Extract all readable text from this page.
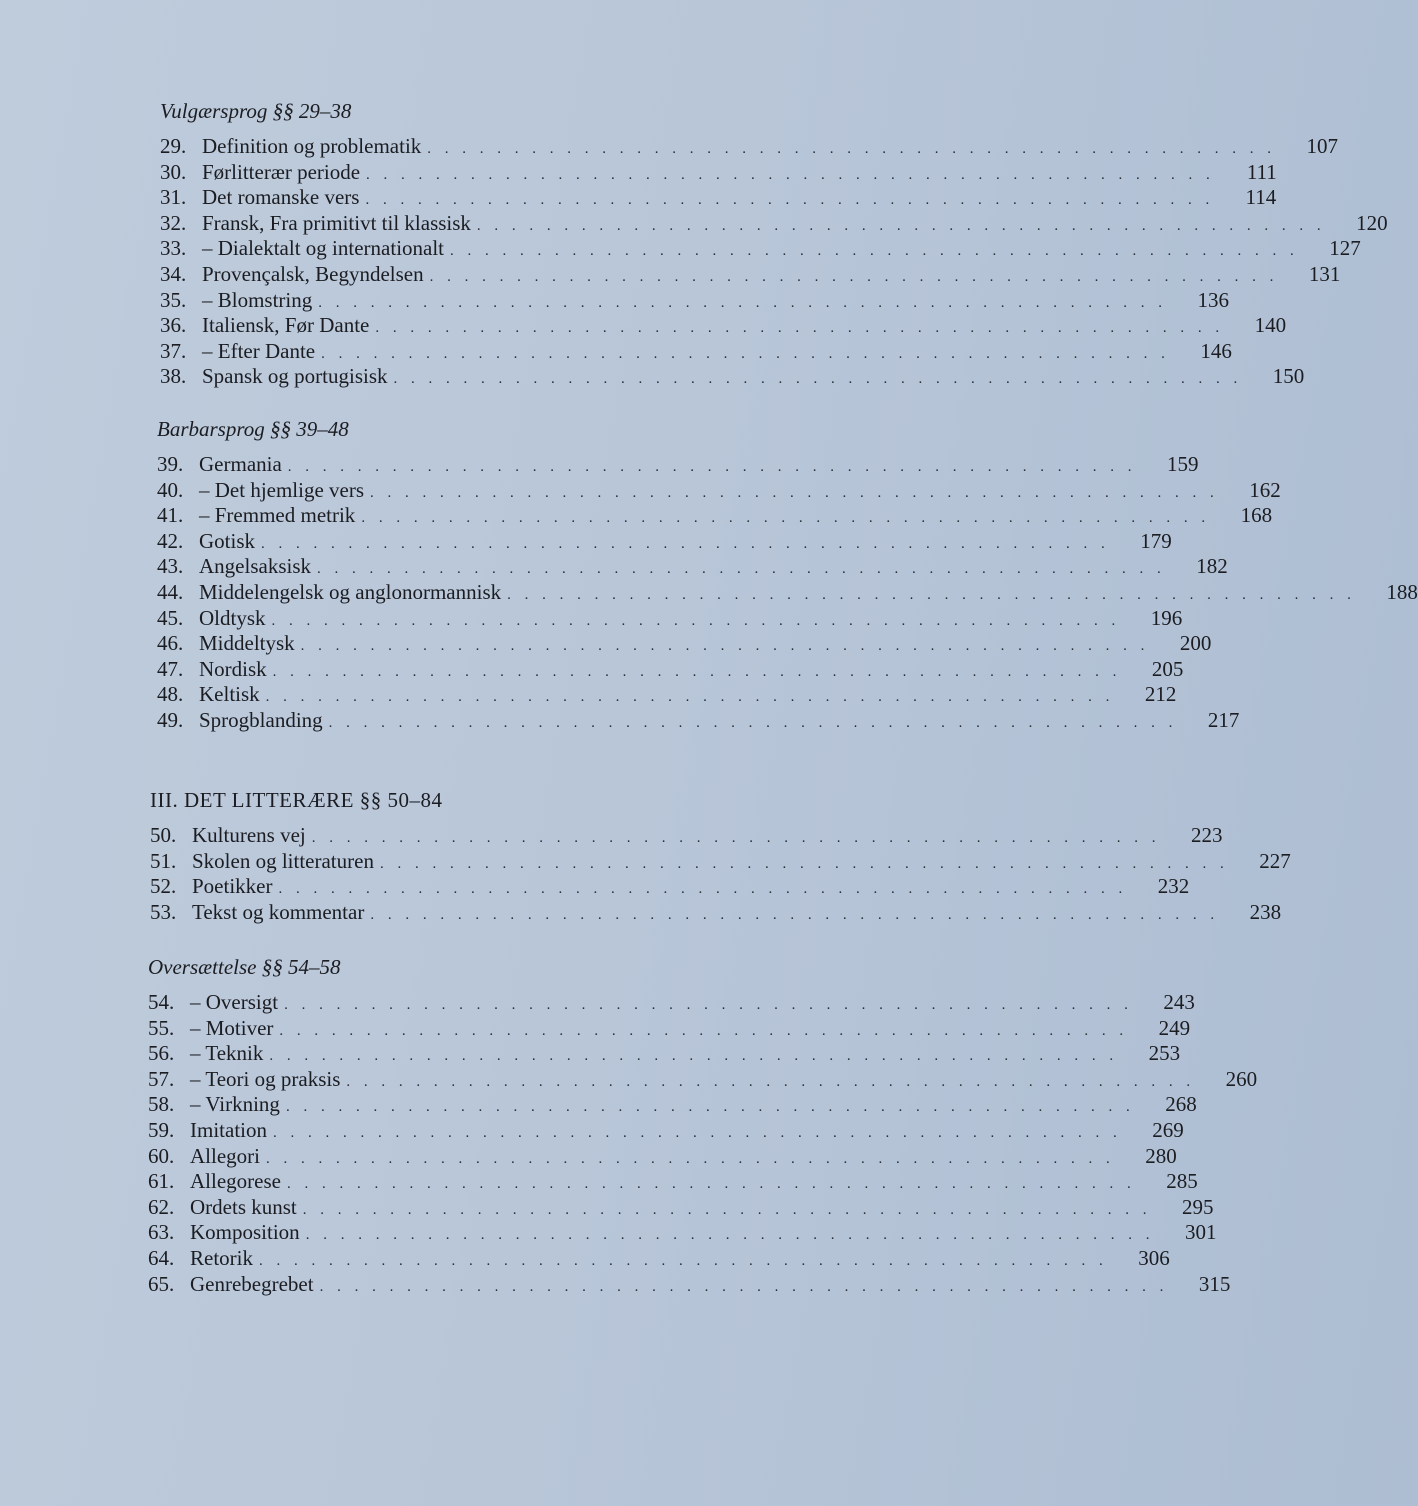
Vulgærsprog §§ 29–38
29. Definition og problematik . . . . . . . . . . . . . . . . . . . . . . . . . . . . . . . . . . . . . . . . . . . . . . . . .	107
30. Førlitterær periode . . . . . . . . . . . . . . . . . . . . . . . . . . . . . . . . . . . . . . . . . . . . . . . . .	111
31. Det romanske vers . . . . . . . . . . . . . . . . . . . . . . . . . . . . . . . . . . . . . . . . . . . . . . . . .	114
32. Fransk, Fra primitivt til klassisk . . . . . . . . . . . . . . . . . . . . . . . . . . . . . . . . . . . . . . . . . . . . . . . . .	120
33. – Dialektalt og internationalt . . . . . . . . . . . . . . . . . . . . . . . . . . . . . . . . . . . . . . . . . . . . . . . . .	127
34. Provençalsk, Begyndelsen . . . . . . . . . . . . . . . . . . . . . . . . . . . . . . . . . . . . . . . . . . . . . . . . .	131
35. – Blomstring . . . . . . . . . . . . . . . . . . . . . . . . . . . . . . . . . . . . . . . . . . . . . . . . .	136
36. Italiensk, Før Dante . . . . . . . . . . . . . . . . . . . . . . . . . . . . . . . . . . . . . . . . . . . . . . . . .	140
37. – Efter Dante . . . . . . . . . . . . . . . . . . . . . . . . . . . . . . . . . . . . . . . . . . . . . . . . .	146
38. Spansk og portugisisk . . . . . . . . . . . . . . . . . . . . . . . . . . . . . . . . . . . . . . . . . . . . . . . . .	150
Barbarsprog §§ 39–48
39. Germania . . . . . . . . . . . . . . . . . . . . . . . . . . . . . . . . . . . . . . . . . . . . . . . . .	159
40. – Det hjemlige vers . . . . . . . . . . . . . . . . . . . . . . . . . . . . . . . . . . . . . . . . . . . . . . . . .	162
41. – Fremmed metrik . . . . . . . . . . . . . . . . . . . . . . . . . . . . . . . . . . . . . . . . . . . . . . . . .	168
42. Gotisk . . . . . . . . . . . . . . . . . . . . . . . . . . . . . . . . . . . . . . . . . . . . . . . . .	179
43. Angelsaksisk . . . . . . . . . . . . . . . . . . . . . . . . . . . . . . . . . . . . . . . . . . . . . . . . .	182
44. Middelengelsk og anglonormannisk . . . . . . . . . . . . . . . . . . . . . . . . . . . . . . . . . . . . . . . . . . . . . . . . .	188
45. Oldtysk . . . . . . . . . . . . . . . . . . . . . . . . . . . . . . . . . . . . . . . . . . . . . . . . .	196
46. Middeltysk . . . . . . . . . . . . . . . . . . . . . . . . . . . . . . . . . . . . . . . . . . . . . . . . .	200
47. Nordisk . . . . . . . . . . . . . . . . . . . . . . . . . . . . . . . . . . . . . . . . . . . . . . . . .	205
48. Keltisk . . . . . . . . . . . . . . . . . . . . . . . . . . . . . . . . . . . . . . . . . . . . . . . . .	212
49. Sprogblanding . . . . . . . . . . . . . . . . . . . . . . . . . . . . . . . . . . . . . . . . . . . . . . . . .	217
III. DET LITTERÆRE §§ 50–84
50. Kulturens vej . . . . . . . . . . . . . . . . . . . . . . . . . . . . . . . . . . . . . . . . . . . . . . . . .	223
51. Skolen og litteraturen . . . . . . . . . . . . . . . . . . . . . . . . . . . . . . . . . . . . . . . . . . . . . . . . .	227
52. Poetikker . . . . . . . . . . . . . . . . . . . . . . . . . . . . . . . . . . . . . . . . . . . . . . . . .	232
53. Tekst og kommentar . . . . . . . . . . . . . . . . . . . . . . . . . . . . . . . . . . . . . . . . . . . . . . . . .	238
Oversættelse §§ 54–58
54. – Oversigt . . . . . . . . . . . . . . . . . . . . . . . . . . . . . . . . . . . . . . . . . . . . . . . . .	243
55. – Motiver . . . . . . . . . . . . . . . . . . . . . . . . . . . . . . . . . . . . . . . . . . . . . . . . .	249
56. – Teknik . . . . . . . . . . . . . . . . . . . . . . . . . . . . . . . . . . . . . . . . . . . . . . . . .	253
57. – Teori og praksis . . . . . . . . . . . . . . . . . . . . . . . . . . . . . . . . . . . . . . . . . . . . . . . . .	260
58. – Virkning . . . . . . . . . . . . . . . . . . . . . . . . . . . . . . . . . . . . . . . . . . . . . . . . .	268
59. Imitation . . . . . . . . . . . . . . . . . . . . . . . . . . . . . . . . . . . . . . . . . . . . . . . . .	269
60. Allegori . . . . . . . . . . . . . . . . . . . . . . . . . . . . . . . . . . . . . . . . . . . . . . . . .	280
61. Allegorese . . . . . . . . . . . . . . . . . . . . . . . . . . . . . . . . . . . . . . . . . . . . . . . . .	285
62. Ordets kunst . . . . . . . . . . . . . . . . . . . . . . . . . . . . . . . . . . . . . . . . . . . . . . . . .	295
63. Komposition . . . . . . . . . . . . . . . . . . . . . . . . . . . . . . . . . . . . . . . . . . . . . . . . .	301
64. Retorik . . . . . . . . . . . . . . . . . . . . . . . . . . . . . . . . . . . . . . . . . . . . . . . . .	306
65. Genrebegrebet . . . . . . . . . . . . . . . . . . . . . . . . . . . . . . . . . . . . . . . . . . . . . . . . .	315
